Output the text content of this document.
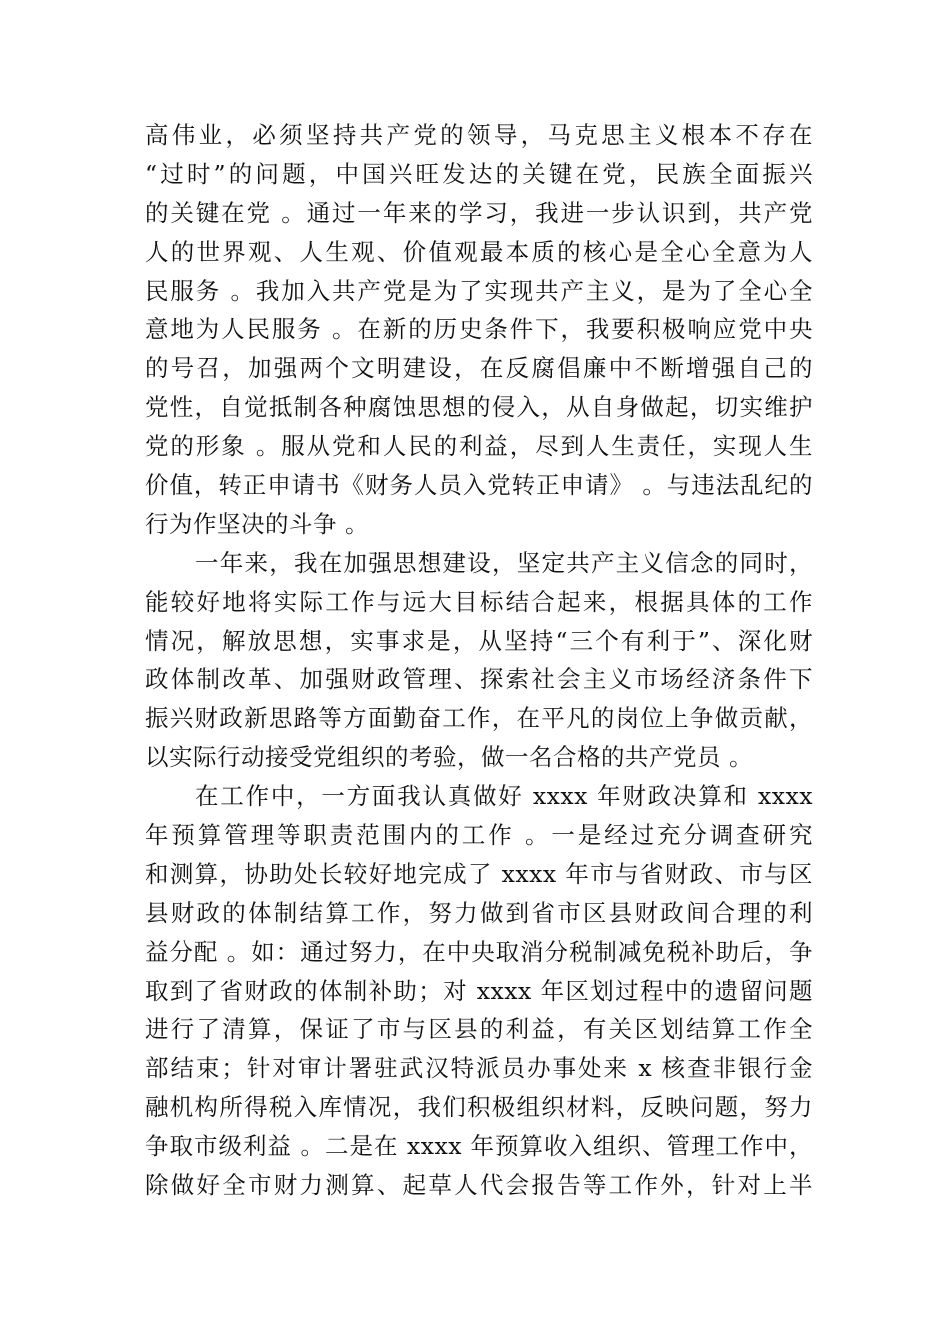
高伟业，必须坚持共产党的领导，马克思主义根本不存在
“过时”的问题，中国兴旺发达的关键在党，民族全面振兴
的关键在党 。通过一年来的学习，我进一步认识到，共产党
人的世界观、人生观、价值观最本质的核心是全心全意为人
民服务 。我加入共产党是为了实现共产主义，是为了全心全
意地为人民服务 。在新的历史条件下，我要积极响应党中央
的号召，加强两个文明建设，在反腐倡廉中不断增强自己的
党性，自觉抵制各种腐蚀思想的侵入，从自身做起，切实维护
党的形象 。服从党和人民的利益，尽到人生责任，实现人生
价值，转正申请书《财务人员入党转正申请》 。与违法乱纪的
行为作坚决的斗争 。
一年来，我在加强思想建设，坚定共产主义信念的同时，
能较好地将实际工作与远大目标结合起来，根据具体的工作
情况，解放思想，实事求是，从坚持“三个有利于”、深化财
政体制改革、加强财政管理、探索社会主义市场经济条件下
振兴财政新思路等方面勤奋工作，在平凡的岗位上争做贡献，
以实际行动接受党组织的考验，做一名合格的共产党员 。
在工作中，一方面我认真做好 xxxx 年财政决算和 xxxx
年预算管理等职责范围内的工作 。一是经过充分调查研究
和测算，协助处长较好地完成了 xxxx 年市与省财政、市与区
县财政的体制结算工作，努力做到省市区县财政间合理的利
益分配 。如：通过努力，在中央取消分税制减免税补助后，争
取到了省财政的体制补助；对 xxxx 年区划过程中的遗留问题
进行了清算，保证了市与区县的利益，有关区划结算工作全
部结束；针对审计署驻武汉特派员办事处来 x 核查非银行金
融机构所得税入库情况，我们积极组织材料，反映问题，努力
争取市级利益 。二是在 xxxx 年预算收入组织、管理工作中，
除做好全市财力测算、起草人代会报告等工作外，针对上半
